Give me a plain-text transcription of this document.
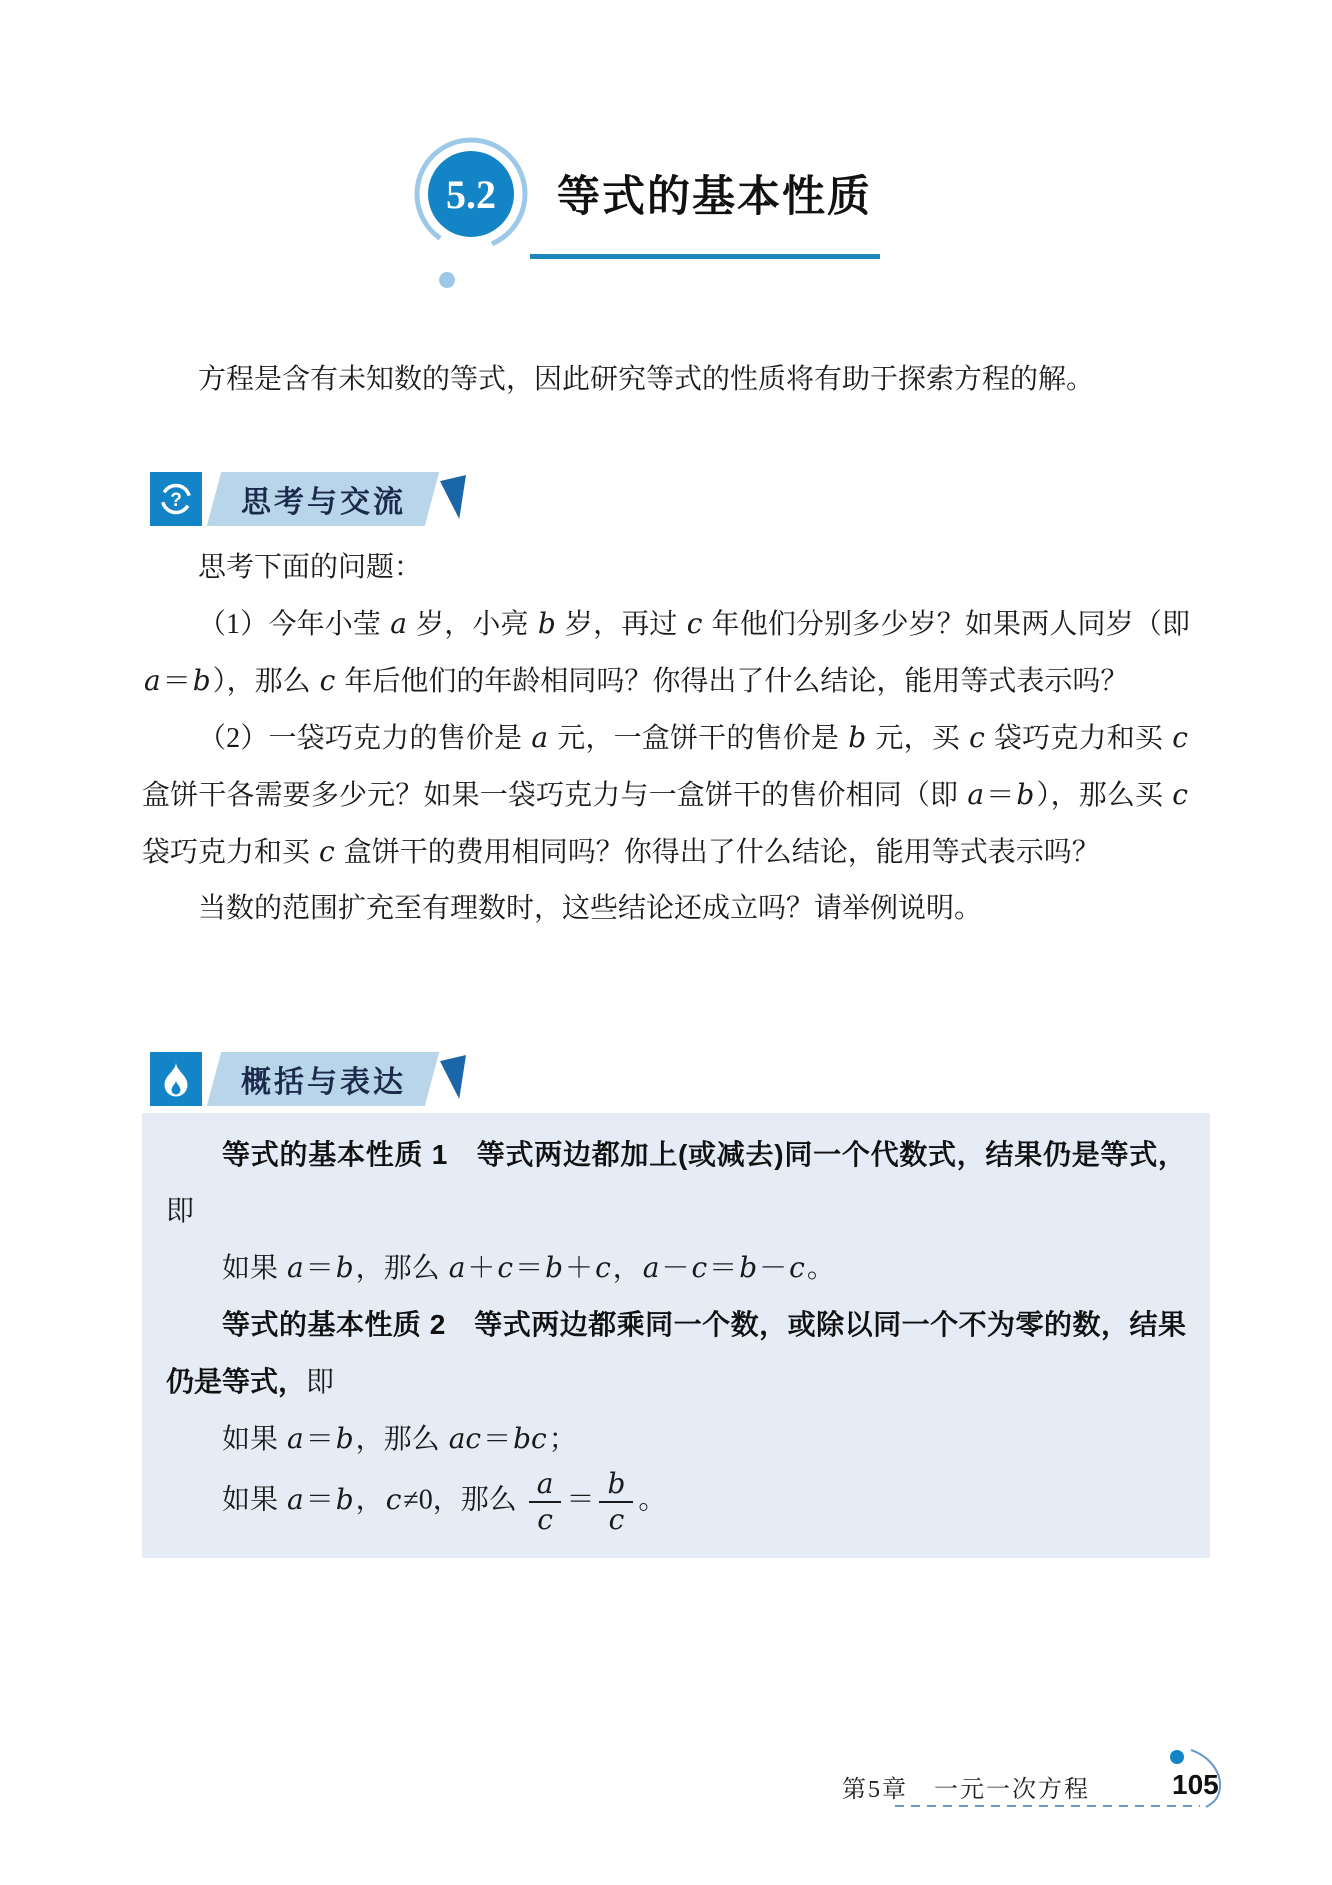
5.2 等式的基本性质

方程是含有未知数的等式，因此研究等式的性质将有助于探索方程的解。

? 思考与交流

思考下面的问题：

（1）今年小莹 a 岁，小亮 b 岁，再过 c 年他们分别多少岁？如果两人同岁（即 a＝b），那么 c 年后他们的年龄相同吗？你得出了什么结论，能用等式表示吗？

（2）一袋巧克力的售价是 a 元，一盒饼干的售价是 b 元，买 c 袋巧克力和买 c 盒饼干各需要多少元？如果一袋巧克力与一盒饼干的售价相同（即 a＝b），那么买 c 袋巧克力和买 c 盒饼干的费用相同吗？你得出了什么结论，能用等式表示吗？

当数的范围扩充至有理数时，这些结论还成立吗？请举例说明。

概括与表达

等式的基本性质 1　等式两边都加上(或减去)同一个代数式，结果仍是等式，即

如果 a＝b，那么 a＋c＝b＋c，a－c＝b－c。

等式的基本性质 2　等式两边都乘同一个数，或除以同一个不为零的数，结果仍是等式，即

如果 a＝b，那么 ac＝bc；

如果 a＝b，c≠0，那么 $\frac{a}{c} = \frac{b}{c}$ 。

第5章　一元一次方程	105
